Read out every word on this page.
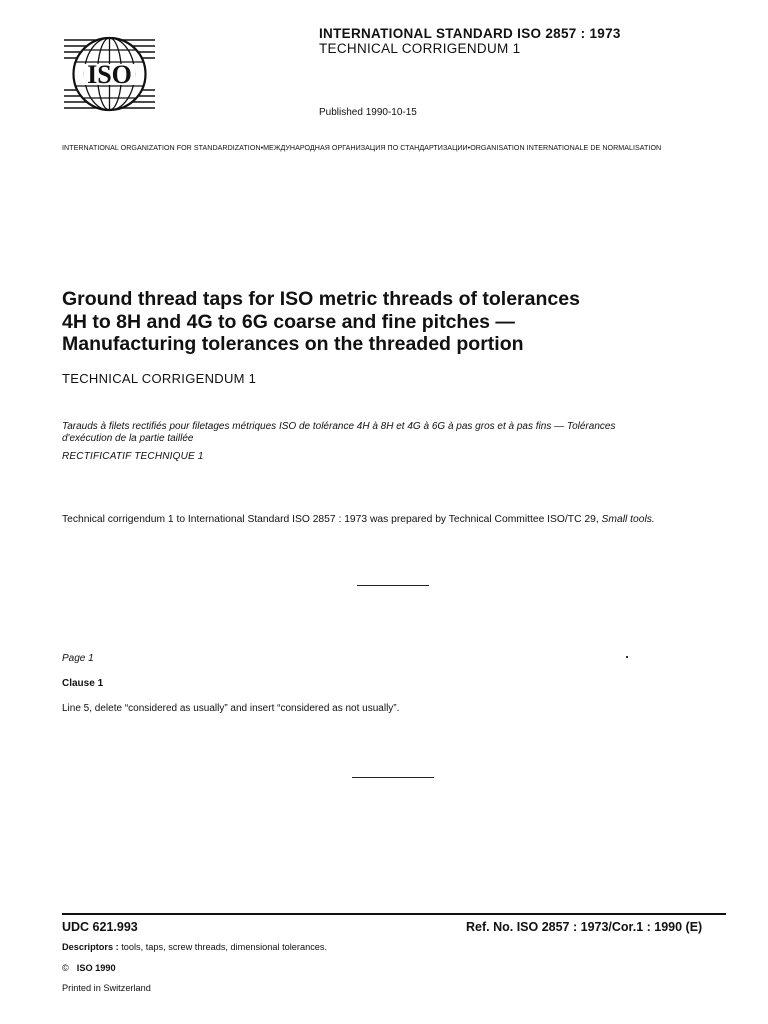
ISO
INTERNATIONAL STANDARD ISO 2857 : 1973
TECHNICAL CORRIGENDUM 1
Published 1990-10-15
INTERNATIONAL ORGANIZATION FOR STANDARDIZATION•МЕЖДУНАРОДНАЯ ОРГАНИЗАЦИЯ ПО СТАНДАРТИЗАЦИИ•ORGANISATION INTERNATIONALE DE NORMALISATION
Ground thread taps for ISO metric threads of tolerances
4H to 8H and 4G to 6G coarse and fine pitches —
Manufacturing tolerances on the threaded portion
TECHNICAL CORRIGENDUM 1
Tarauds à filets rectifiés pour filetages métriques ISO de tolérance 4H à 8H et 4G à 6G à pas gros et à pas fins — Tolérances
d'exécution de la partie taillée
RECTIFICATIF TECHNIQUE 1
Technical corrigendum 1 to International Standard ISO 2857 : 1973 was prepared by Technical Committee ISO/TC 29, Small tools.
Page 1
Clause 1
Line 5, delete “considered as usually” and insert “considered as not usually”.
UDC 621.993	Ref. No. ISO 2857 : 1973/Cor.1 : 1990 (E)
Descriptors : tools, taps, screw threads, dimensional tolerances.
© ISO 1990
Printed in Switzerland
